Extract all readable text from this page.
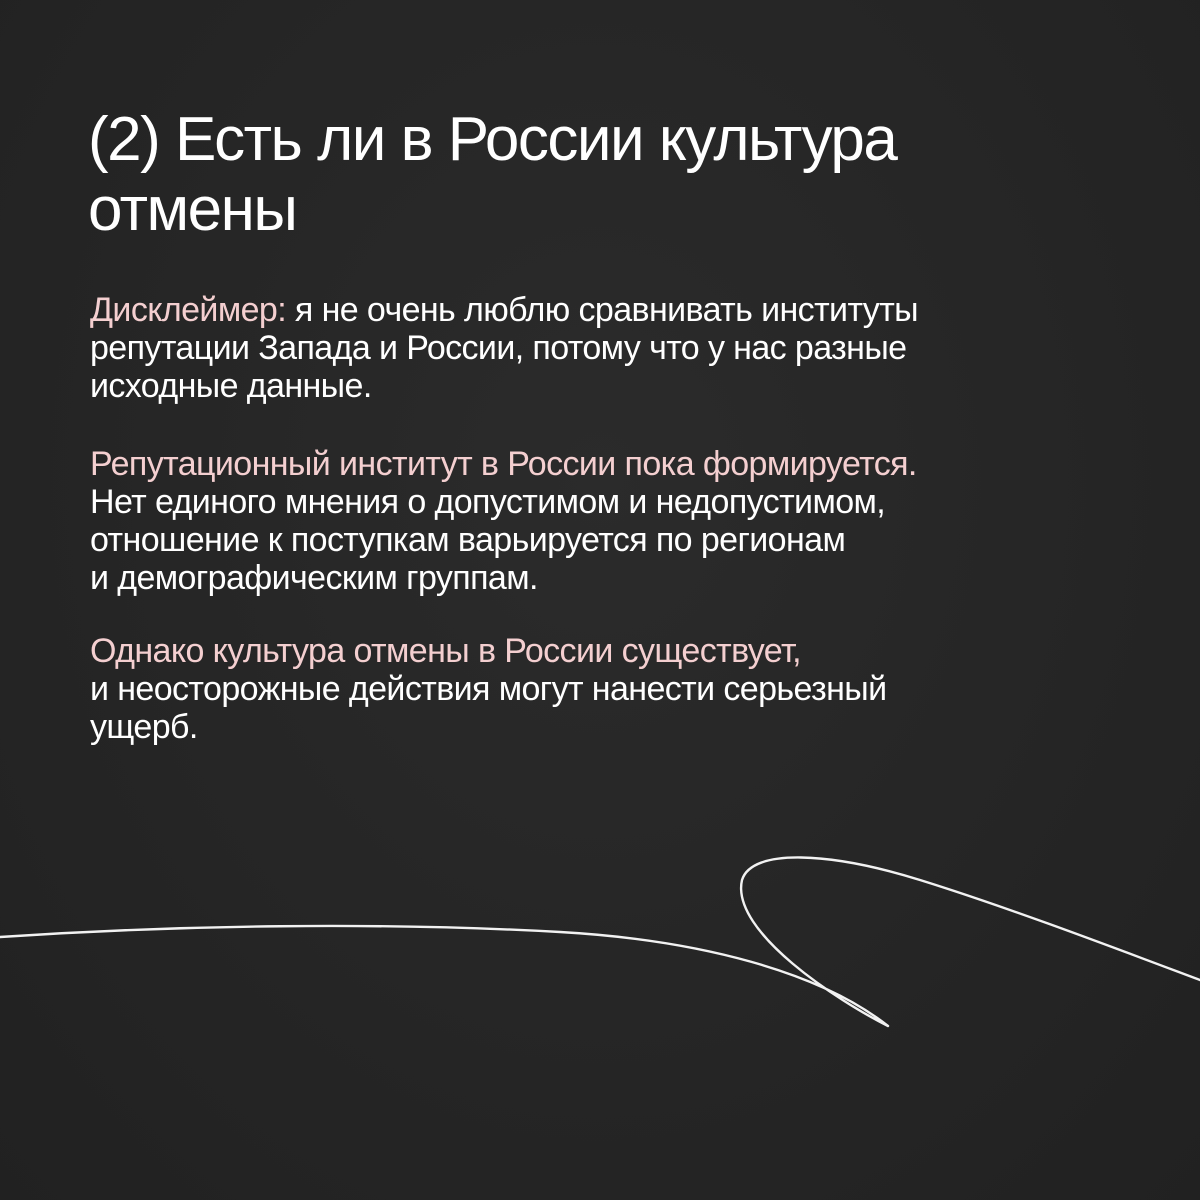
(2) Есть ли в России культура
отмены

Дисклеймер: я не очень люблю сравнивать институты
репутации Запада и России, потому что у нас разные
исходные данные.

Репутационный институт в России пока формируется.
Нет единого мнения о допустимом и недопустимом,
отношение к поступкам варьируется по регионам
и демографическим группам.

Однако культура отмены в России существует,
и неосторожные действия могут нанести серьезный
ущерб.
